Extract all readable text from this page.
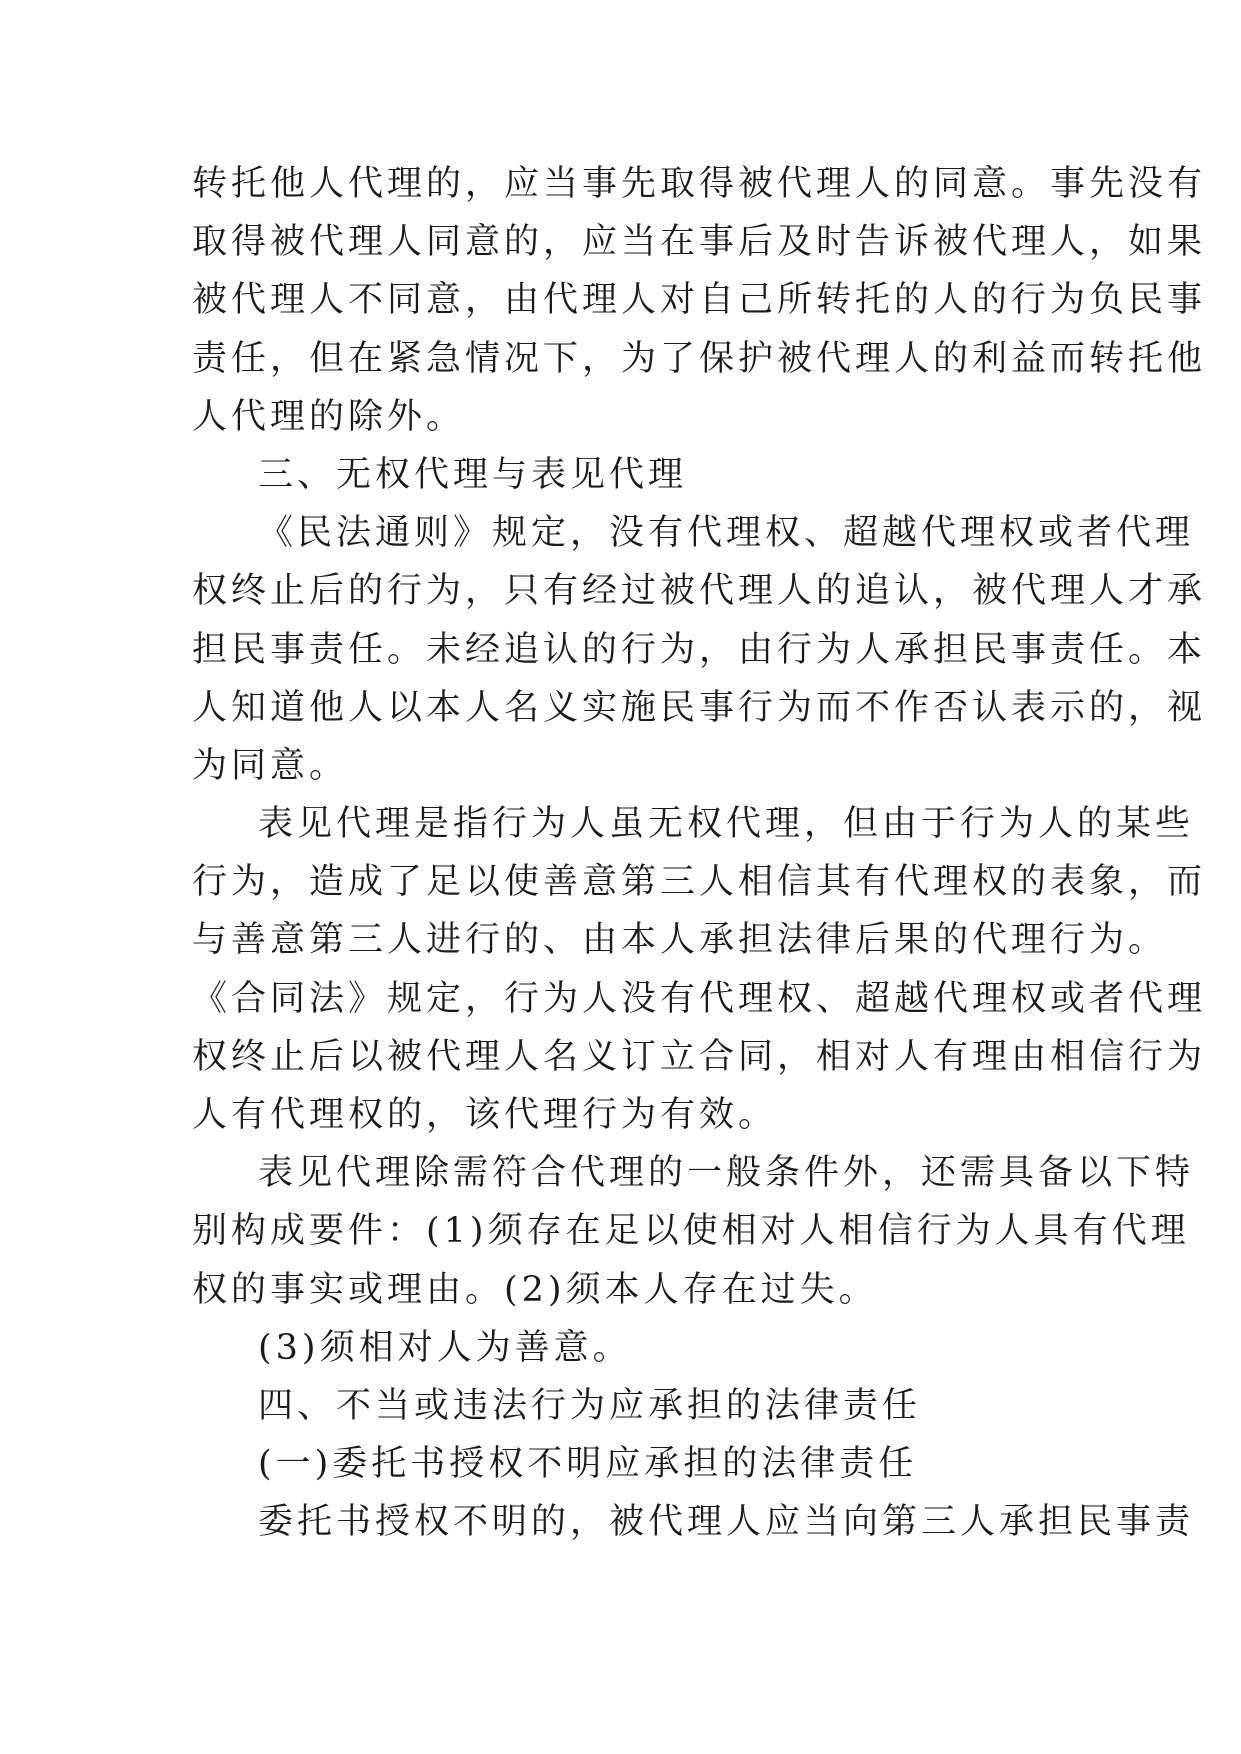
转托他人代理的，应当事先取得被代理人的同意。事先没有
取得被代理人同意的，应当在事后及时告诉被代理人，如果
被代理人不同意，由代理人对自己所转托的人的行为负民事
责任，但在紧急情况下，为了保护被代理人的利益而转托他
人代理的除外。
三、无权代理与表见代理
《民法通则》规定，没有代理权、超越代理权或者代理
权终止后的行为，只有经过被代理人的追认，被代理人才承
担民事责任。未经追认的行为，由行为人承担民事责任。本
人知道他人以本人名义实施民事行为而不作否认表示的，视
为同意。
表见代理是指行为人虽无权代理，但由于行为人的某些
行为，造成了足以使善意第三人相信其有代理权的表象，而
与善意第三人进行的、由本人承担法律后果的代理行为。
《合同法》规定，行为人没有代理权、超越代理权或者代理
权终止后以被代理人名义订立合同，相对人有理由相信行为
人有代理权的，该代理行为有效。
表见代理除需符合代理的一般条件外，还需具备以下特
别构成要件：(1)须存在足以使相对人相信行为人具有代理
权的事实或理由。(2)须本人存在过失。
(3)须相对人为善意。
四、不当或违法行为应承担的法律责任
(一)委托书授权不明应承担的法律责任
委托书授权不明的，被代理人应当向第三人承担民事责
